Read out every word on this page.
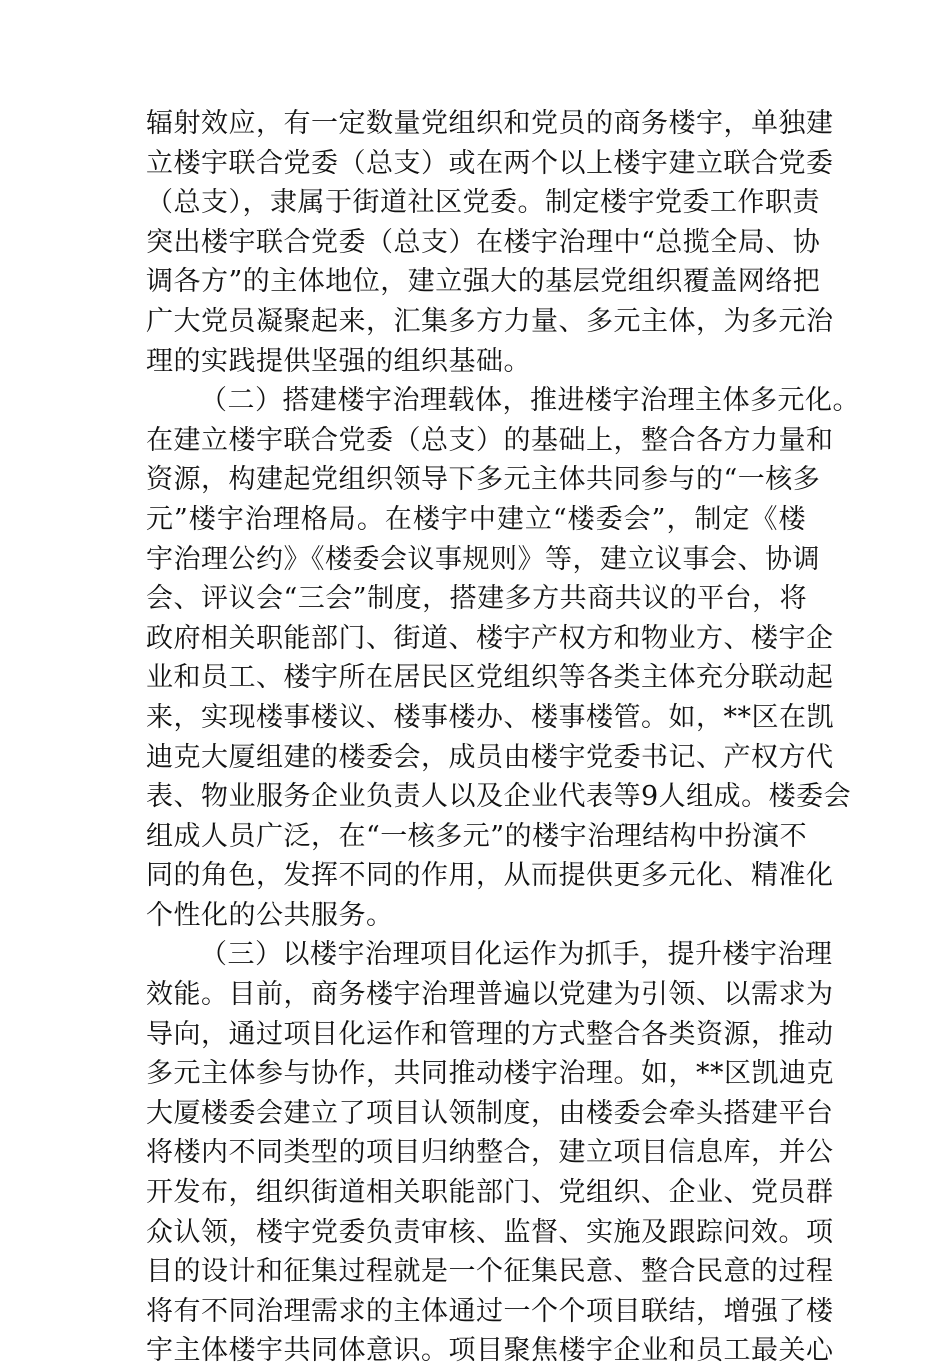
辐射效应，有一定数量党组织和党员的商务楼宇，单独建
立楼宇联合党委（总支）或在两个以上楼宇建立联合党委
（总支），隶属于街道社区党委。制定楼宇党委工作职责
突出楼宇联合党委（总支）在楼宇治理中“总揽全局、协
调各方”的主体地位，建立强大的基层党组织覆盖网络把
广大党员凝聚起来，汇集多方力量、多元主体，为多元治
理的实践提供坚强的组织基础。
（二）搭建楼宇治理载体，推进楼宇治理主体多元化。
在建立楼宇联合党委（总支）的基础上，整合各方力量和
资源，构建起党组织领导下多元主体共同参与的“一核多
元”楼宇治理格局。在楼宇中建立“楼委会”，制定《楼
宇治理公约》《楼委会议事规则》等，建立议事会、协调
会、评议会“三会”制度，搭建多方共商共议的平台，将
政府相关职能部门、街道、楼宇产权方和物业方、楼宇企
业和员工、楼宇所在居民区党组织等各类主体充分联动起
来，实现楼事楼议、楼事楼办、楼事楼管。如，**区在凯
迪克大厦组建的楼委会，成员由楼宇党委书记、产权方代
表、物业服务企业负责人以及企业代表等9人组成。楼委会
组成人员广泛，在“一核多元”的楼宇治理结构中扮演不
同的角色，发挥不同的作用，从而提供更多元化、精准化
个性化的公共服务。
（三）以楼宇治理项目化运作为抓手，提升楼宇治理
效能。目前，商务楼宇治理普遍以党建为引领、以需求为
导向，通过项目化运作和管理的方式整合各类资源，推动
多元主体参与协作，共同推动楼宇治理。如，**区凯迪克
大厦楼委会建立了项目认领制度，由楼委会牵头搭建平台
将楼内不同类型的项目归纳整合，建立项目信息库，并公
开发布，组织街道相关职能部门、党组织、企业、党员群
众认领，楼宇党委负责审核、监督、实施及跟踪问效。项
目的设计和征集过程就是一个征集民意、整合民意的过程
将有不同治理需求的主体通过一个个项目联结，增强了楼
宇主体楼宇共同体意识。项目聚焦楼宇企业和员工最关心
